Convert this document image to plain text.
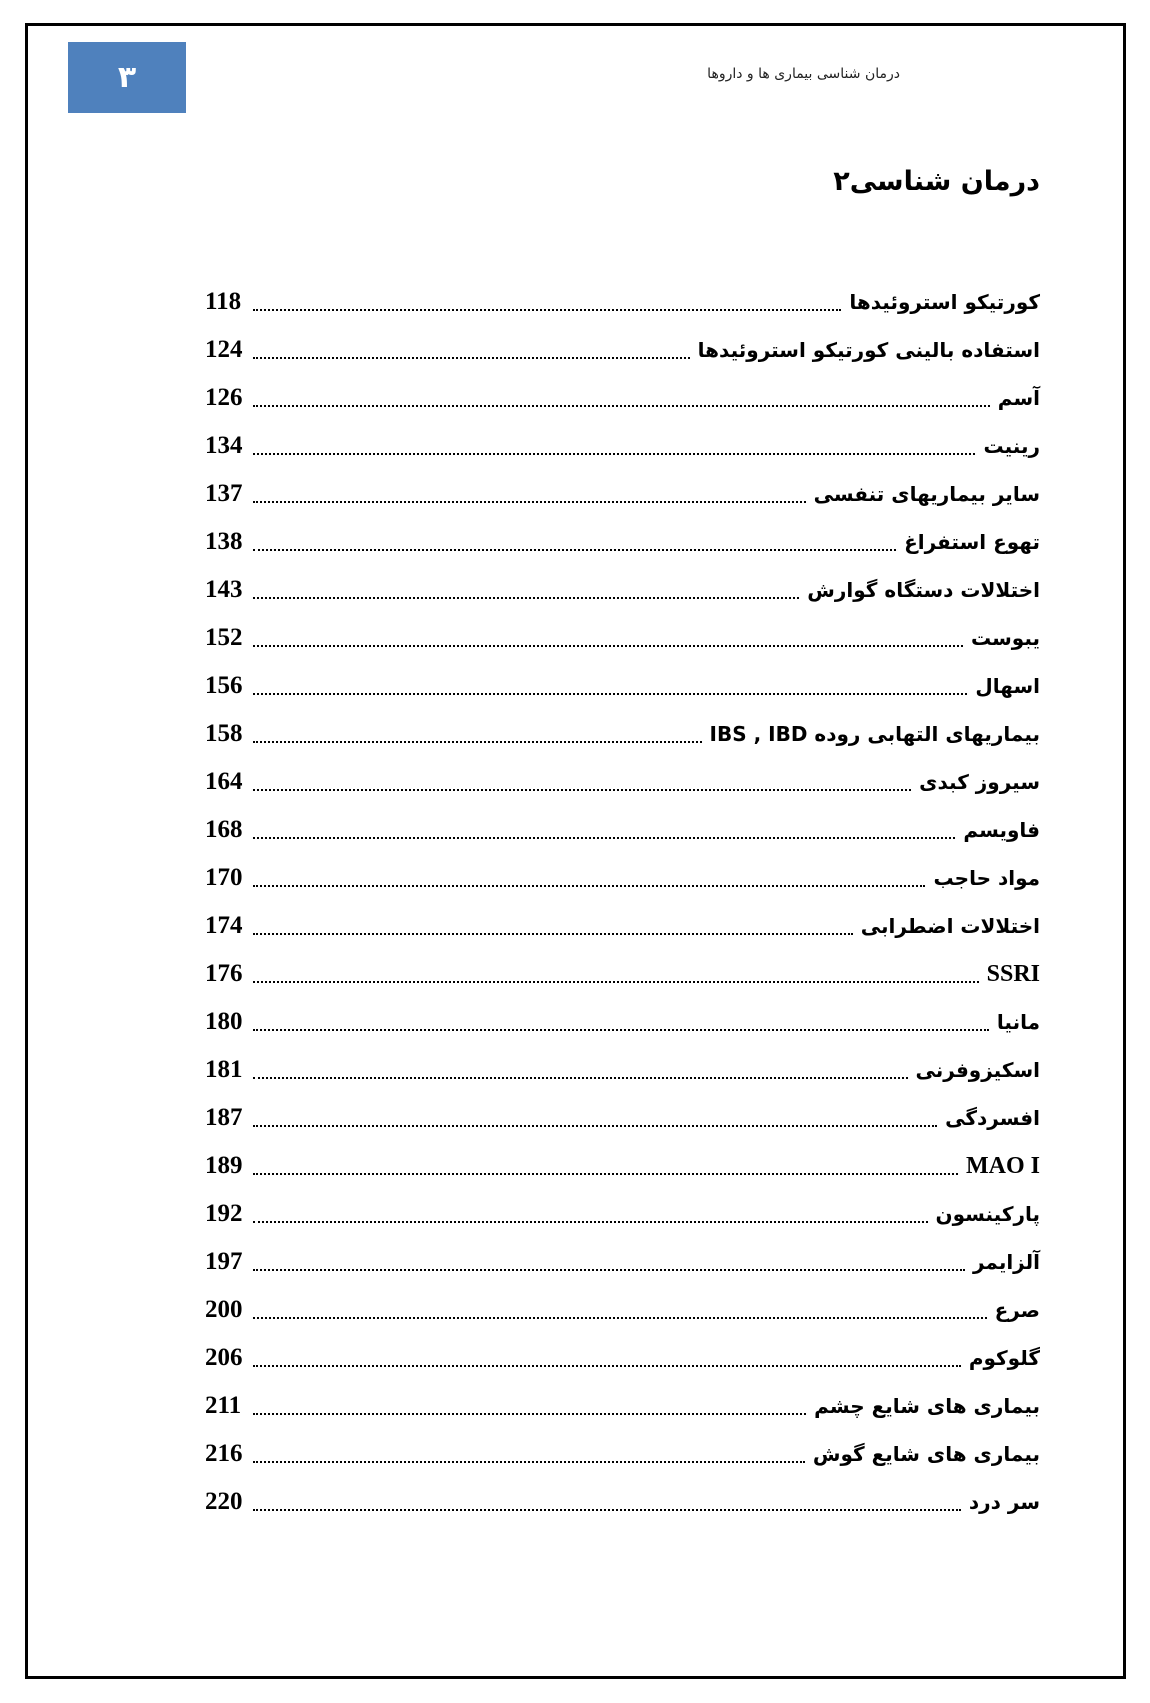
۳	درمان شناسی بیماری ها و داروها
درمان شناسی۲
کورتیکو استروئیدها
118
استفاده بالینی کورتیکو استروئیدها
124
آسم
126
رینیت
134
سایر بیماریهای تنفسی
137
تهوع استفراغ
138
اختلالات دستگاه گوارش
143
یبوست
152
اسهال
156
بیماریهای التهابی روده IBS , IBD
158
سیروز کبدی
164
فاویسم
168
مواد حاجب
170
اختلالات اضطرابی
174
SSRI
176
مانیا
180
اسکیزوفرنی
181
افسردگی
187
MAO I
189
پارکینسون
192
آلزایمر
197
صرع
200
گلوکوم
206
بیماری های شایع چشم
211
بیماری های شایع گوش
216
سر درد
220
